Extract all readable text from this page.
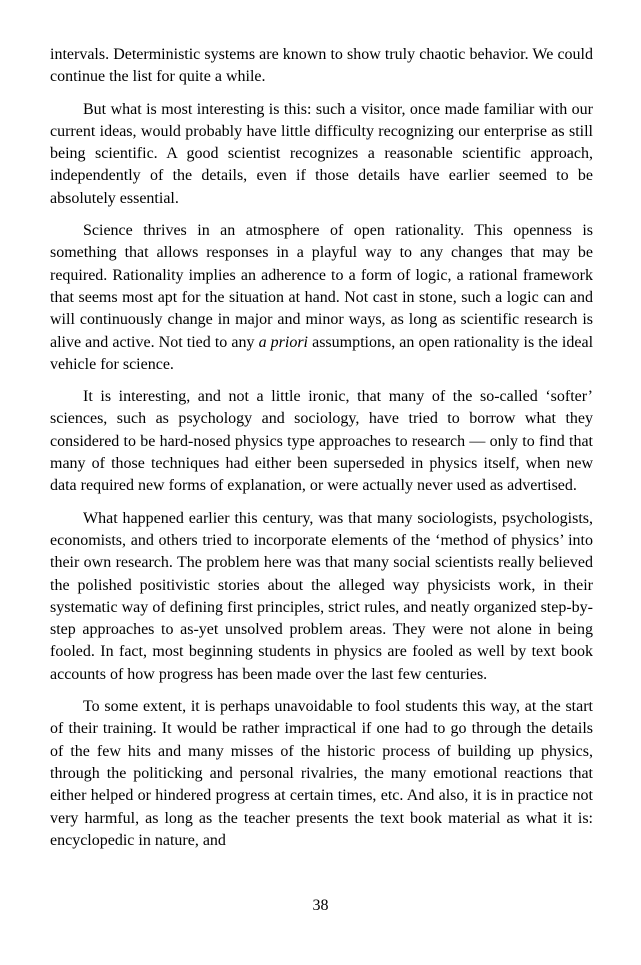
intervals. Deterministic systems are known to show truly chaotic behavior. We could continue the list for quite a while.

But what is most interesting is this: such a visitor, once made familiar with our current ideas, would probably have little difficulty recognizing our enterprise as still being scientific. A good scientist recognizes a reasonable scientific approach, independently of the details, even if those details have earlier seemed to be absolutely essential.

Science thrives in an atmosphere of open rationality. This openness is something that allows responses in a playful way to any changes that may be required. Rationality implies an adherence to a form of logic, a rational framework that seems most apt for the situation at hand. Not cast in stone, such a logic can and will continuously change in major and minor ways, as long as scientific research is alive and active. Not tied to any a priori assumptions, an open rationality is the ideal vehicle for science.

It is interesting, and not a little ironic, that many of the so-called ‘softer’ sciences, such as psychology and sociology, have tried to borrow what they considered to be hard-nosed physics type approaches to research — only to find that many of those techniques had either been superseded in physics itself, when new data required new forms of explanation, or were actually never used as advertised.

What happened earlier this century, was that many sociologists, psychologists, economists, and others tried to incorporate elements of the ‘method of physics’ into their own research. The problem here was that many social scientists really believed the polished positivistic stories about the alleged way physicists work, in their systematic way of defining first principles, strict rules, and neatly organized step-by-step approaches to as-yet unsolved problem areas. They were not alone in being fooled. In fact, most beginning students in physics are fooled as well by text book accounts of how progress has been made over the last few centuries.

To some extent, it is perhaps unavoidable to fool students this way, at the start of their training. It would be rather impractical if one had to go through the details of the few hits and many misses of the historic process of building up physics, through the politicking and personal rivalries, the many emotional reactions that either helped or hindered progress at certain times, etc. And also, it is in practice not very harmful, as long as the teacher presents the text book material as what it is: encyclopedic in nature, and

38
